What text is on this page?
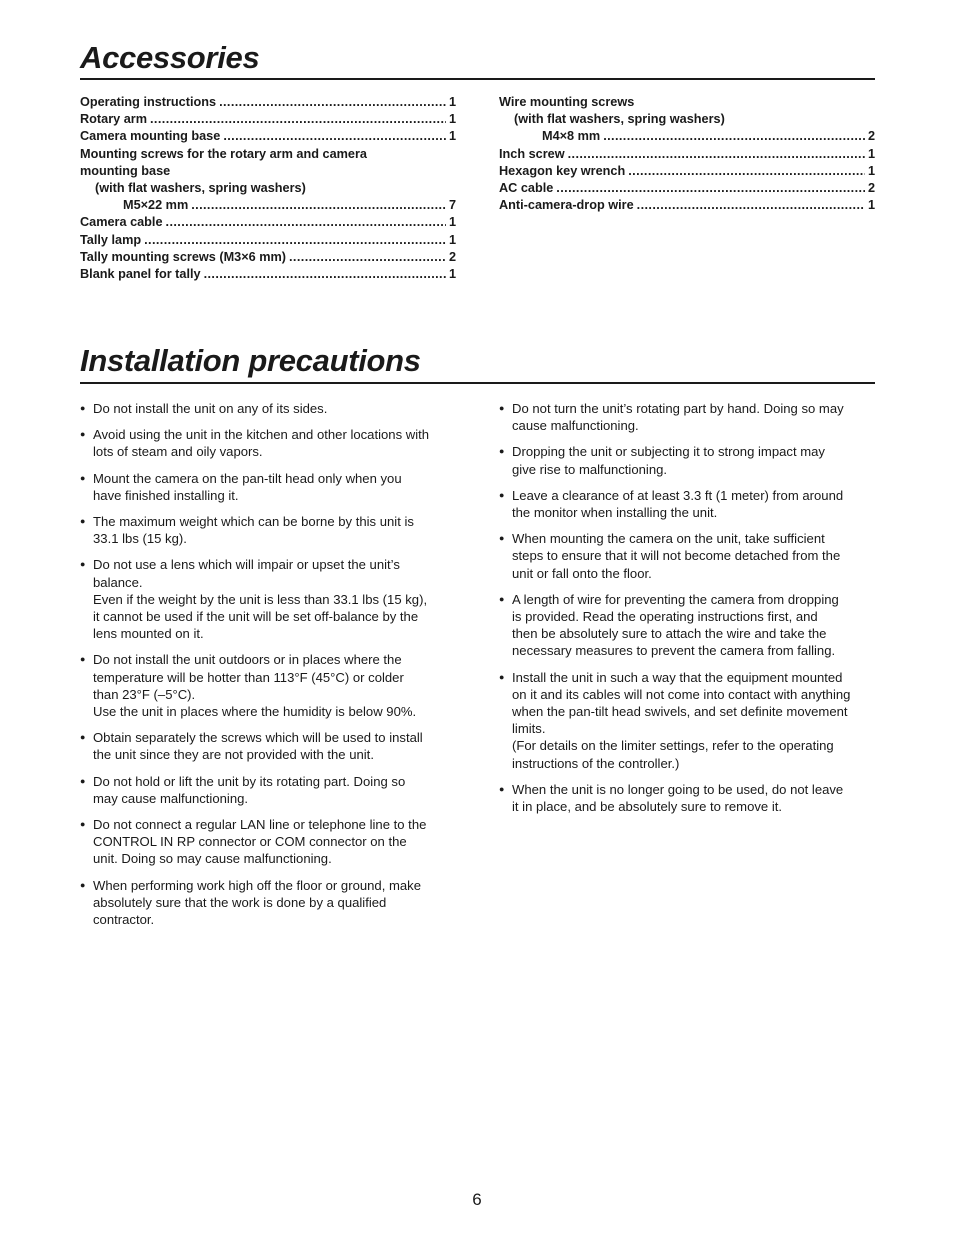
Accessories
Operating instructions .....	1
Rotary arm .....	1
Camera mounting base .....	1
Mounting screws for the rotary arm and camera
mounting base
(with flat washers, spring washers)
M5×22 mm .....	7
Camera cable .....	1
Tally lamp .....	1
Tally mounting screws (M3×6 mm) .....	2
Blank panel for tally .....	1
Wire mounting screws
(with flat washers, spring washers)
M4×8 mm .....	2
Inch screw .....	1
Hexagon key wrench .....	1
AC cable .....	2
Anti-camera-drop wire .....	1
Installation precautions
● Do not install the unit on any of its sides.
● Avoid using the unit in the kitchen and other locations with
lots of steam and oily vapors.
● Mount the camera on the pan-tilt head only when you
have finished installing it.
● The maximum weight which can be borne by this unit is
33.1 lbs (15 kg).
● Do not use a lens which will impair or upset the unit’s
balance.
Even if the weight by the unit is less than 33.1 lbs (15 kg),
it cannot be used if the unit will be set off-balance by the
lens mounted on it.
● Do not install the unit outdoors or in places where the
temperature will be hotter than 113°F (45°C) or colder
than 23°F (–5°C).
Use the unit in places where the humidity is below 90%.
● Obtain separately the screws which will be used to install
the unit since they are not provided with the unit.
● Do not hold or lift the unit by its rotating part. Doing so
may cause malfunctioning.
● Do not connect a regular LAN line or telephone line to the
CONTROL IN RP connector or COM connector on the
unit. Doing so may cause malfunctioning.
● When performing work high off the floor or ground, make
absolutely sure that the work is done by a qualified
contractor.
● Do not turn the unit’s rotating part by hand. Doing so may
cause malfunctioning.
● Dropping the unit or subjecting it to strong impact may
give rise to malfunctioning.
● Leave a clearance of at least 3.3 ft (1 meter) from around
the monitor when installing the unit.
● When mounting the camera on the unit, take sufficient
steps to ensure that it will not become detached from the
unit or fall onto the floor.
● A length of wire for preventing the camera from dropping
is provided. Read the operating instructions first, and
then be absolutely sure to attach the wire and take the
necessary measures to prevent the camera from falling.
● Install the unit in such a way that the equipment mounted
on it and its cables will not come into contact with anything
when the pan-tilt head swivels, and set definite movement
limits.
(For details on the limiter settings, refer to the operating
instructions of the controller.)
● When the unit is no longer going to be used, do not leave
it in place, and be absolutely sure to remove it.
6
